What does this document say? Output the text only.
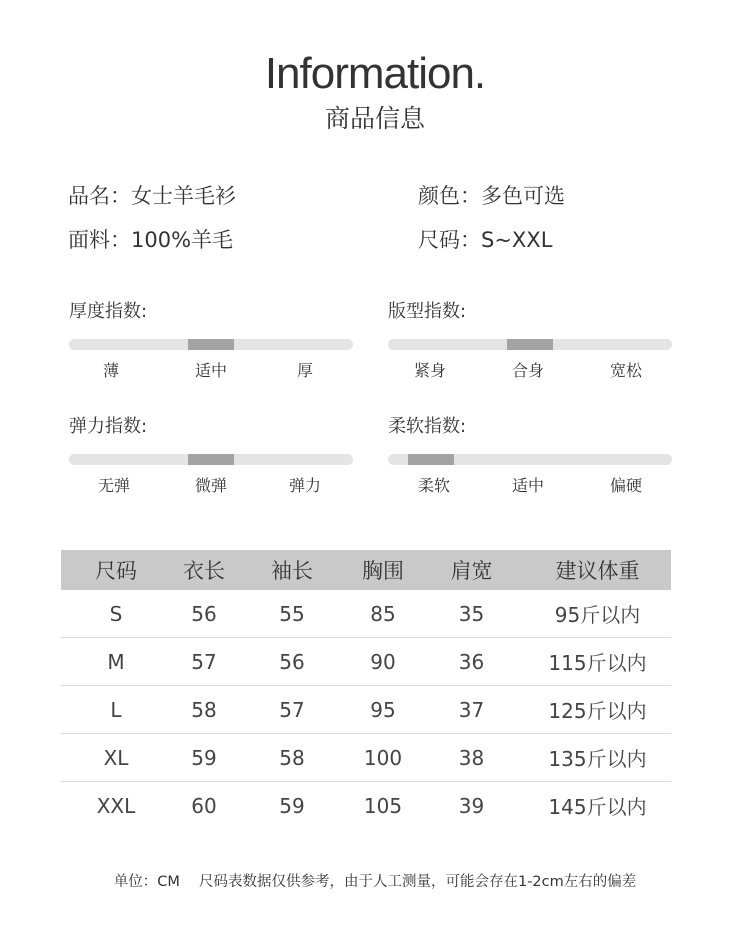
Information.
商品信息
品名：女士羊毛衫	颜色：多色可选
面料：100%羊毛	尺码：S~XXL
厚度指数:
薄	适中	厚
版型指数:
紧身	合身	宽松
弹力指数:
无弹	微弹	弹力
柔软指数:
柔软	适中	偏硬
尺码	衣长	袖长	胸围	肩宽	建议体重
S	56	55	85	35	95斤以内
M	57	56	90	36	115斤以内
L	58	57	95	37	125斤以内
XL	59	58	100	38	135斤以内
XXL	60	59	105	39	145斤以内
单位：CM　 尺码表数据仅供参考，由于人工测量，可能会存在1-2cm左右的偏差
